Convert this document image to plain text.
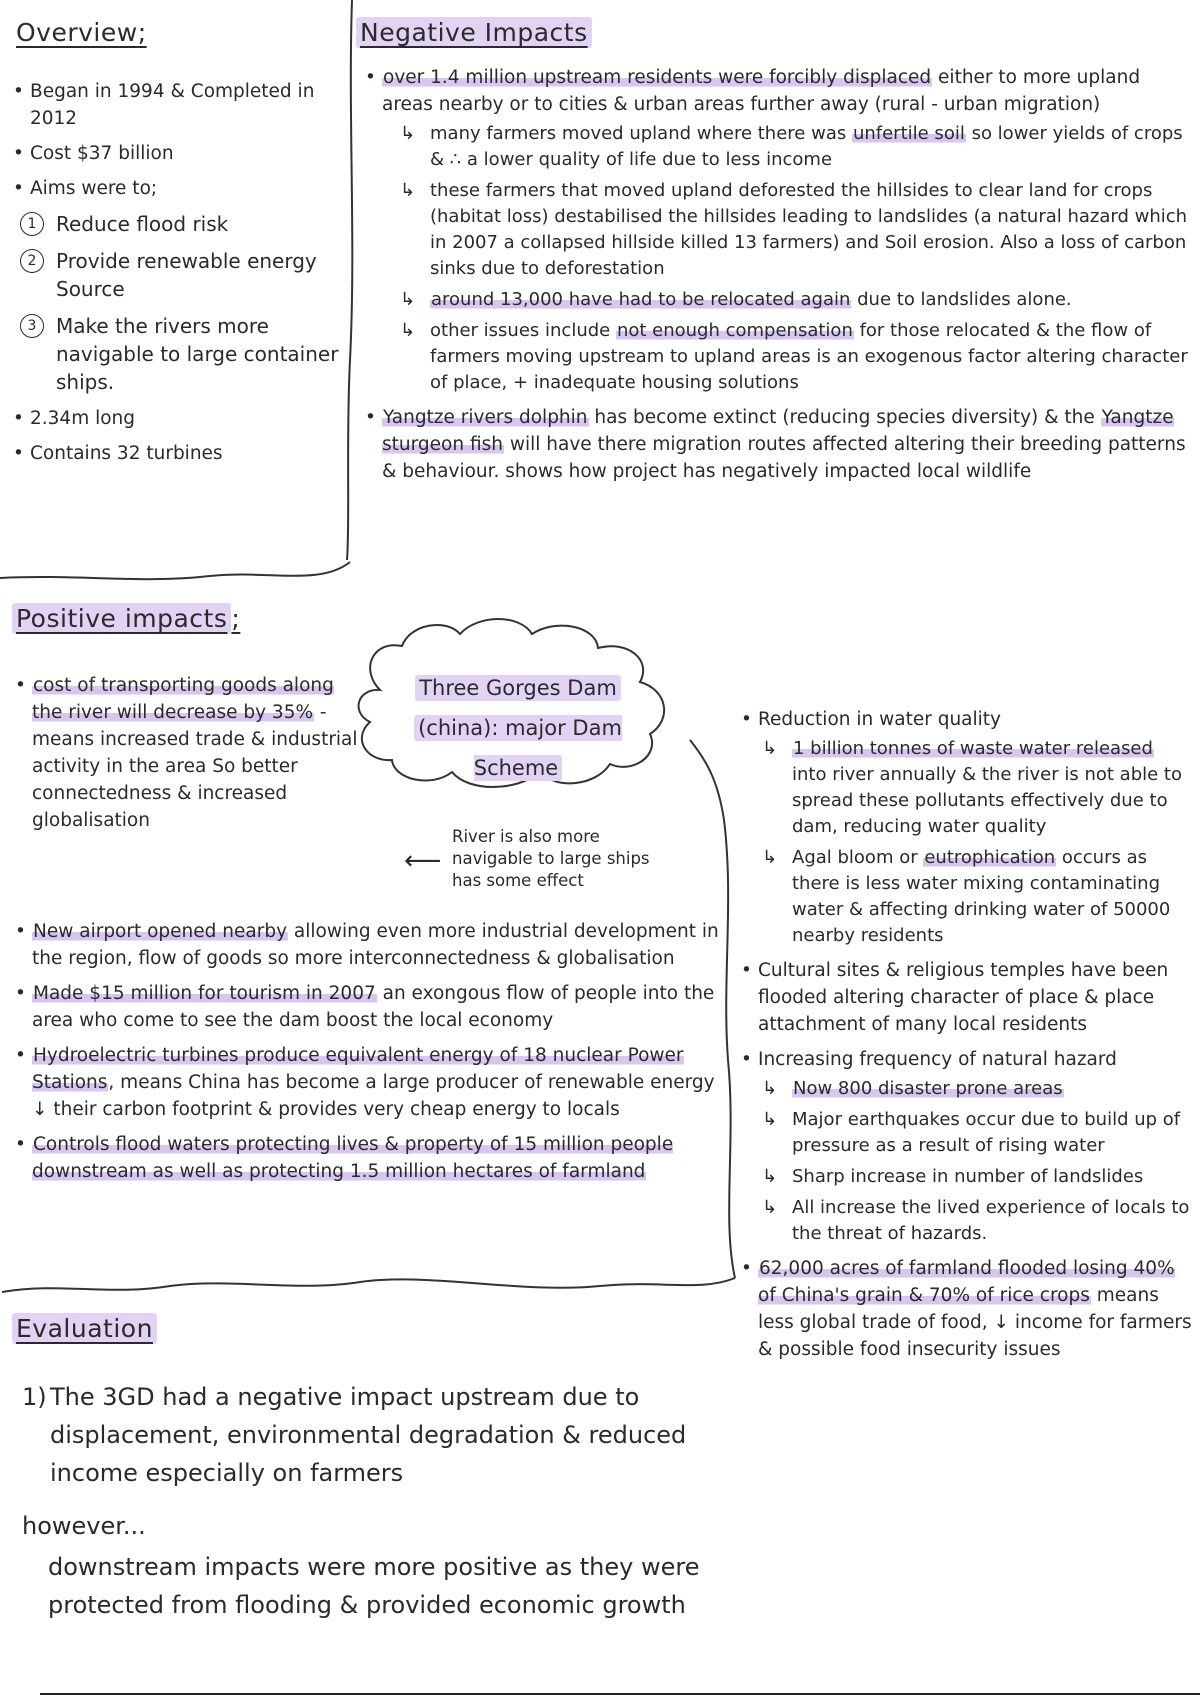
Overview;
• Began in 1994 & Completed in 2012
• Cost $37 billion
• Aims were to;
1 Reduce flood risk
2 Provide renewable energy Source
3 Make the rivers more navigable to large container ships.
• 2.34m long
• Contains 32 turbines
Negative Impacts
• over 1.4 million upstream residents were forcibly displaced either to more upland areas nearby or to cities & urban areas further away (rural - urban migration)
↳ many farmers moved upland where there was unfertile soil so lower yields of crops & ∴ a lower quality of life due to less income
↳ these farmers that moved upland deforested the hillsides to clear land for crops (habitat loss) destabilised the hillsides leading to landslides (a natural hazard which in 2007 a collapsed hillside killed 13 farmers) and Soil erosion. Also a loss of carbon sinks due to deforestation
↳ around 13,000 have had to be relocated again due to landslides alone.
↳ other issues include not enough compensation for those relocated & the flow of farmers moving upstream to upland areas is an exogenous factor altering character of place, + inadequate housing solutions
• Yangtze rivers dolphin has become extinct (reducing species diversity) & the Yangtze sturgeon fish will have there migration routes affected altering their breeding patterns & behaviour. shows how project has negatively impacted local wildlife
• Reduction in water quality
↳ 1 billion tonnes of waste water released into river annually & the river is not able to spread these pollutants effectively due to dam, reducing water quality
↳ Agal bloom or eutrophication occurs as there is less water mixing contaminating water & affecting drinking water of 50000 nearby residents
• Cultural sites & religious temples have been flooded altering character of place & place attachment of many local residents
• Increasing frequency of natural hazard
↳ Now 800 disaster prone areas
↳ Major earthquakes occur due to build up of pressure as a result of rising water
↳ Sharp increase in number of landslides
↳ All increase the lived experience of locals to the threat of hazards.
• 62,000 acres of farmland flooded losing 40% of China's grain & 70% of rice crops means less global trade of food, ↓ income for farmers & possible food insecurity issues
Positive impacts ;
• cost of transporting goods along the river will decrease by 35% - means increased trade & industrial activity in the area So better connectedness & increased globalisation
Three Gorges Dam
(china): major Dam Scheme
⟵
River is also more navigable to large ships has some effect
• New airport opened nearby allowing even more industrial development in the region, flow of goods so more interconnectedness & globalisation
• Made $15 million for tourism in 2007 an exongous flow of people into the area who come to see the dam boost the local economy
• Hydroelectric turbines produce equivalent energy of 18 nuclear Power Stations, means China has become a large producer of renewable energy ↓ their carbon footprint & provides very cheap energy to locals
• Controls flood waters protecting lives & property of 15 million people downstream as well as protecting 1.5 million hectares of farmland
Evaluation
1) The 3GD had a negative impact upstream due to displacement, environmental degradation & reduced income especially on farmers
however...
downstream impacts were more positive as they were protected from flooding & provided economic growth
